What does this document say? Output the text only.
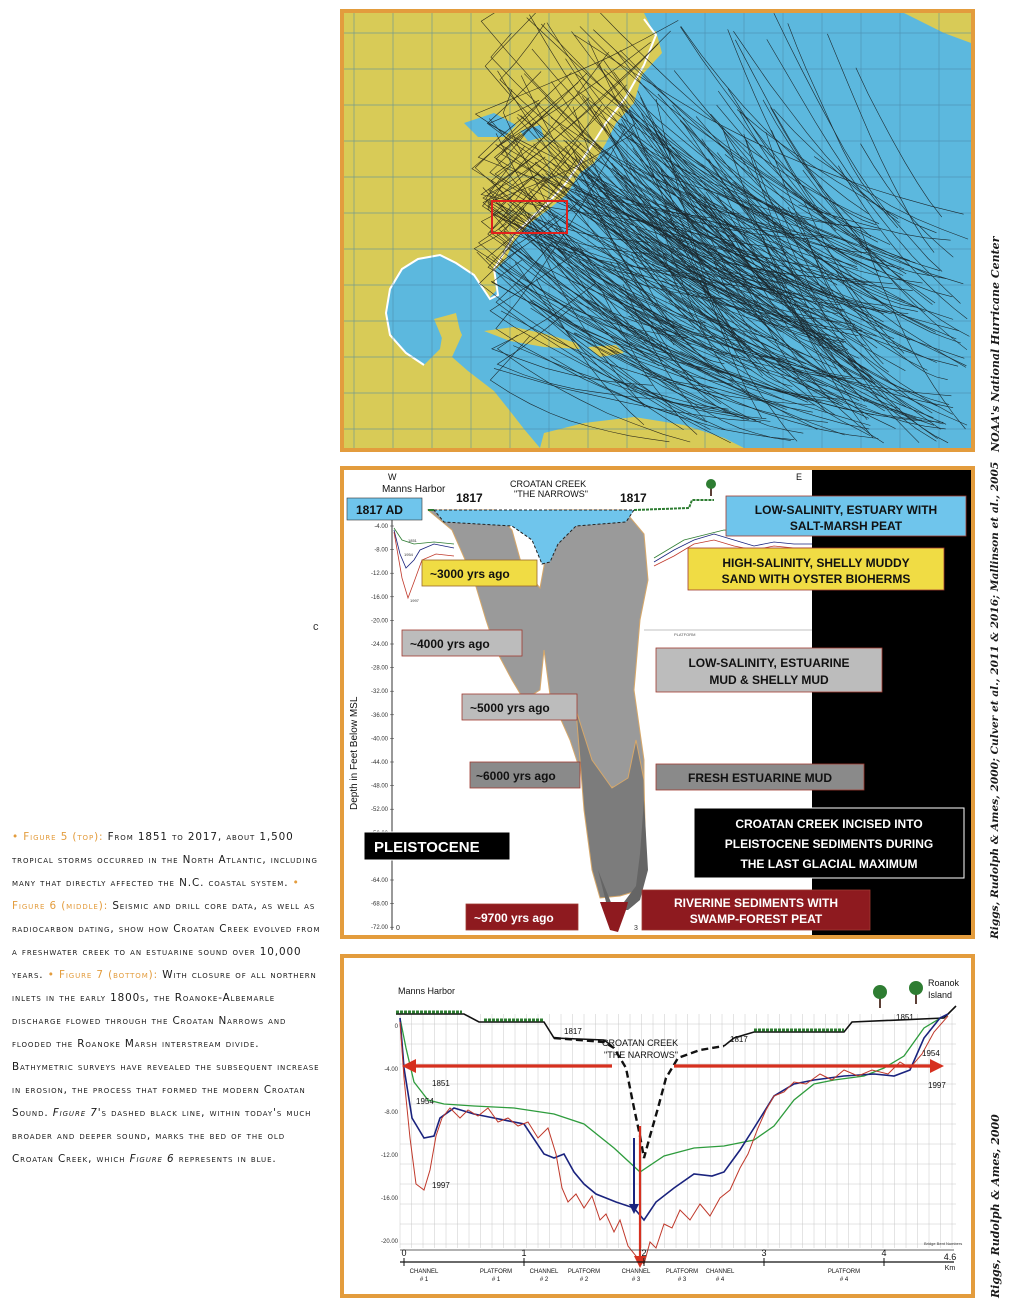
-4.00
-8.00
-12.00
-16.00
-20.00
-24.00
-28.00
-32.00
-36.00
-40.00
-44.00
-48.00
-52.00
-64.00
-68.00
-72.00
Depth in Feet Below MSL
PLATFORM
W	E
Manns Harbor	CROATAN CREEK
"THE NARROWS"
1817	1817
1817 AD
~3000 yrs ago
~4000 yrs ago
~5000 yrs ago
~6000 yrs ago
~9700 yrs ago
PLEISTOCENE
LOW-SALINITY, ESTUARY WITH
SALT-MARSH PEAT
HIGH-SALINITY, SHELLY MUDDY
SAND WITH OYSTER BIOHERMS
LOW-SALINITY, ESTUARINE
MUD & SHELLY MUD
FRESH ESTUARINE MUD
CROATAN CREEK INCISED INTO
PLEISTOCENE SEDIMENTS DURING
THE LAST GLACIAL MAXIMUM
RIVERINE SEDIMENTS WITH
SWAMP-FOREST PEAT
1851
1954
1997
0	3
0
-4.00
-8.00
-12.00
-16.00
-20.00
Manns Harbor
Roanok
Island
CROATAN CREEK
"THE NARROWS"
1817
1817
1851
1954
1997
1851
1954
1997
0	1	2	3	4	4.6
Km
Bridge Bent Numbers
CHANNEL
# 1
PLATFORM
# 1
CHANNEL
# 2
PLATFORM
# 2
CHANNEL
# 3
PLATFORM
# 3
CHANNEL
# 4
PLATFORM
# 4
• Figure 5 (top): From 1851 to 2017, about 1,500 tropical storms occurred in the North Atlantic, including many that directly affected the N.C. coastal system. • Figure 6 (middle): Seismic and drill core data, as well as radiocarbon dating, show how Croatan Creek evolved from a freshwater creek to an estuarine sound over 10,000 years. • Figure 7 (bottom): With closure of all northern inlets in the early 1800s, the Roanoke-Albemarle discharge flowed through the Croatan Narrows and flooded the Roanoke Marsh interstream divide. Bathymetric surveys have revealed the subsequent increase in erosion, the process that formed the modern Croatan Sound. Figure 7's dashed black line, within today's much broader and deeper sound, marks the bed of the old Croatan Creek, which Figure 6 represents in blue.
c
NOAA's National Hurricane Center
Riggs, Rudolph & Ames, 2000; Culver et al., 2011 & 2016; Mallinson et al., 2005
Riggs, Rudolph & Ames, 2000
